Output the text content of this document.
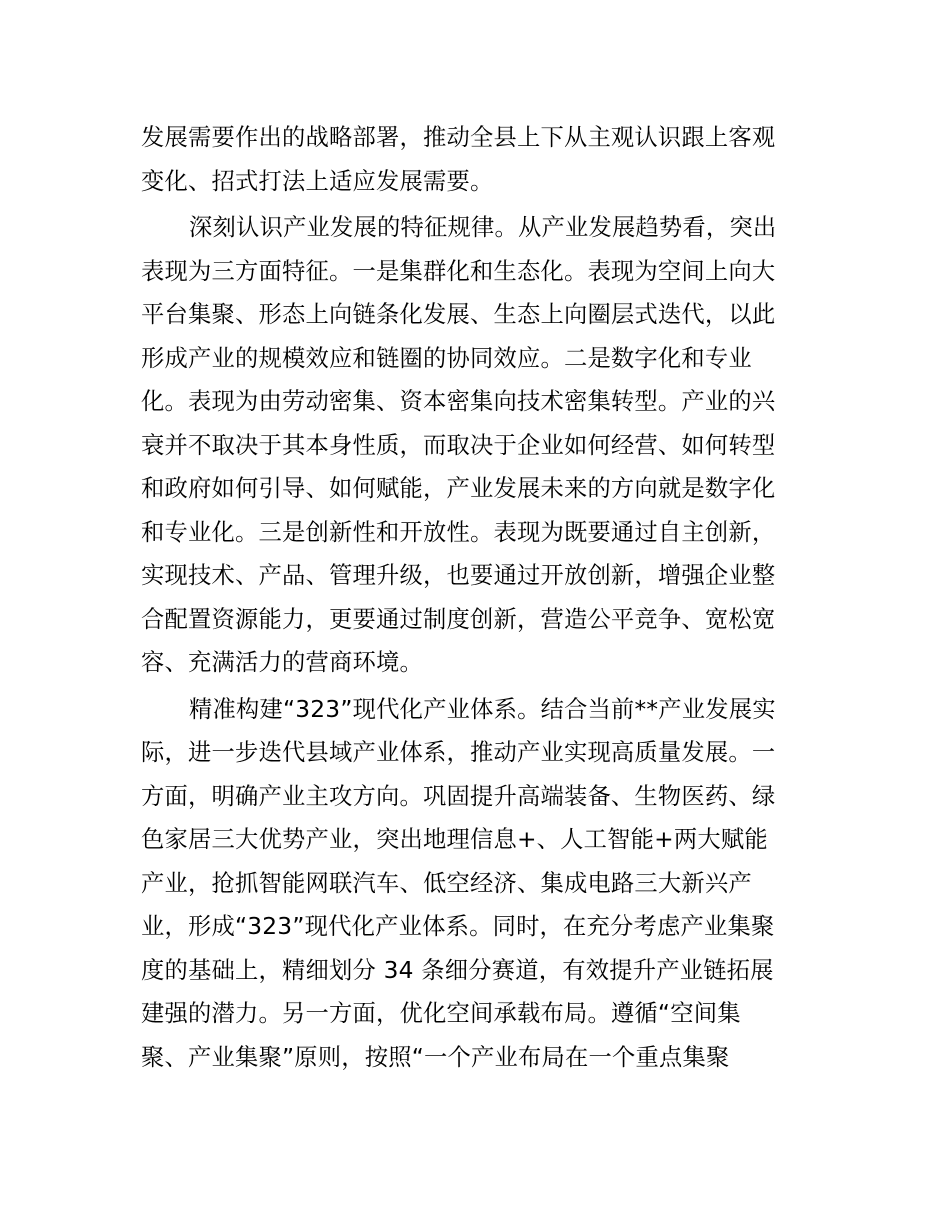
发展需要作出的战略部署，推动全县上下从主观认识跟上客观
变化、招式打法上适应发展需要。

深刻认识产业发展的特征规律。从产业发展趋势看，突出
表现为三方面特征。一是集群化和生态化。表现为空间上向大
平台集聚、形态上向链条化发展、生态上向圈层式迭代，以此
形成产业的规模效应和链圈的协同效应。二是数字化和专业
化。表现为由劳动密集、资本密集向技术密集转型。产业的兴
衰并不取决于其本身性质，而取决于企业如何经营、如何转型
和政府如何引导、如何赋能，产业发展未来的方向就是数字化
和专业化。三是创新性和开放性。表现为既要通过自主创新，
实现技术、产品、管理升级，也要通过开放创新，增强企业整
合配置资源能力，更要通过制度创新，营造公平竞争、宽松宽
容、充满活力的营商环境。

精准构建“323”现代化产业体系。结合当前**产业发展实
际，进一步迭代县域产业体系，推动产业实现高质量发展。一
方面，明确产业主攻方向。巩固提升高端装备、生物医药、绿
色家居三大优势产业，突出地理信息+、人工智能+两大赋能
产业，抢抓智能网联汽车、低空经济、集成电路三大新兴产
业，形成“323”现代化产业体系。同时，在充分考虑产业集聚
度的基础上，精细划分 34 条细分赛道，有效提升产业链拓展
建强的潜力。另一方面，优化空间承载布局。遵循“空间集
聚、产业集聚”原则，按照“一个产业布局在一个重点集聚
